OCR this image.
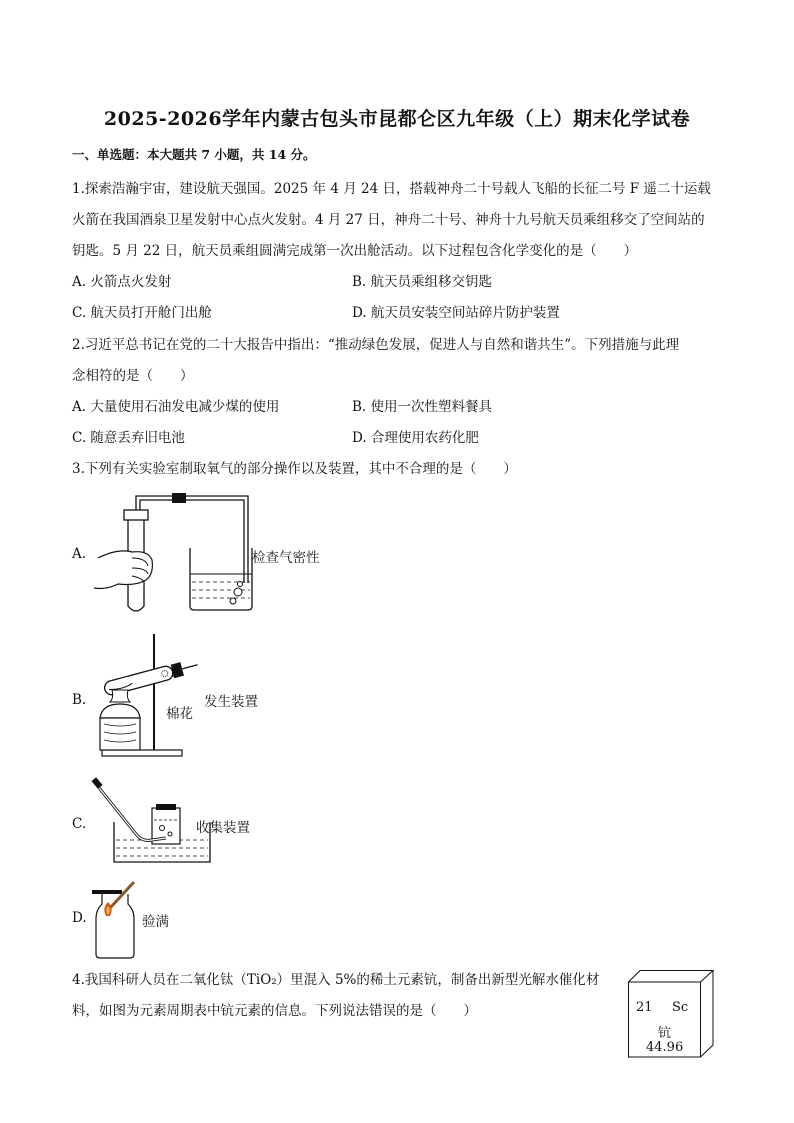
2025-2026学年内蒙古包头市昆都仑区九年级（上）期末化学试卷
一、单选题：本大题共 7 小题，共 14 分。
1.探索浩瀚宇宙，建设航天强国。2025 年 4 月 24 日，搭载神舟二十号载人飞船的长征二号 F 遥二十运载
火箭在我国酒泉卫星发射中心点火发射。4 月 27 日，神舟二十号、神舟十九号航天员乘组移交了空间站的
钥匙。5 月 22 日，航天员乘组圆满完成第一次出舱活动。以下过程包含化学变化的是（　　）
A. 火箭点火发射	B. 航天员乘组移交钥匙
C. 航天员打开舱门出舱	D. 航天员安装空间站碎片防护装置
2.习近平总书记在党的二十大报告中指出：“推动绿色发展，促进人与自然和谐共生”。下列措施与此理
念相符的是（　　）
A. 大量使用石油发电减少煤的使用	B. 使用一次性塑料餐具
C. 随意丢弃旧电池	D. 合理使用农药化肥
3.下列有关实验室制取氧气的部分操作以及装置，其中不合理的是（　　）
A.	检查气密性
B.
棉花
发生装置
C.	收集装置
D.	验满
4.我国科研人员在二氧化钛（TiO₂）里混入 5%的稀土元素钪，制备出新型光解水催化材
料，如图为元素周期表中钪元素的信息。下列说法错误的是（　　）	21 Sc
钪
44.96
